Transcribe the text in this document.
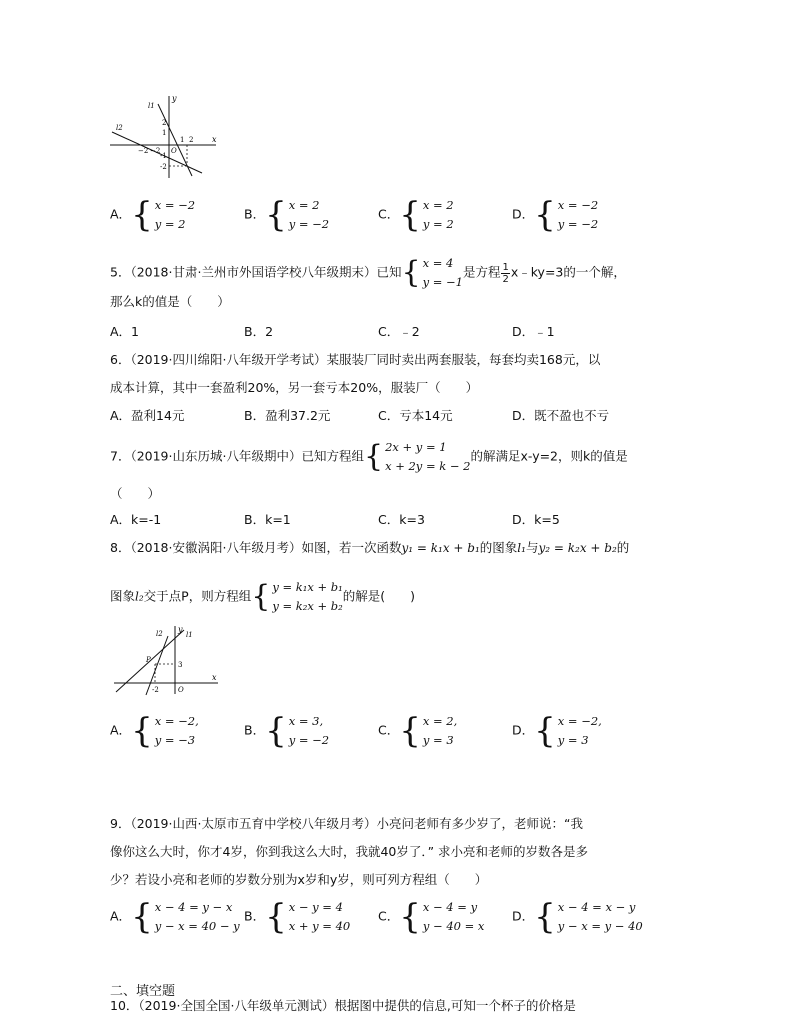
y
x
l1
l2
2
1
−2	O
1 2
-1
-2
−2
A． { x = −2
y = 2
B． { x = 2
y = −2
C． { x = 2
y = 2
D． { x = −2
y = −2
5．（2018·甘肃·兰州市外国语学校八年级期末）已知 { x = 4
y = −1
是方程 $\frac{1}{2}$ x﹣ky=3的一个解，
那么k的值是（　　）
A．1	B．2	C．﹣2	D．﹣1
6．（2019·四川绵阳·八年级开学考试）某服装厂同时卖出两套服装，每套均卖168元，以
成本计算，其中一套盈利20%，另一套亏本20%，服装厂（　　）
A．盈利14元	B．盈利37.2元	C．亏本14元	D．既不盈也不亏
7．（2019·山东历城·八年级期中）已知方程组 { 2x + y = 1
x + 2y = k − 2
的解满足x-y=2，则k的值是
（　　）
A．k=-1	B．k=1	C．k=3	D．k=5
8．（2018·安徽涡阳·八年级月考）如图，若一次函数y₁ = k₁x + b₁的图象l₁与y₂ = k₂x + b₂的
图象l₂交于点P，则方程组 { y = k₁x + b₁
y = k₂x + b₂
的解是(　　)
l2 y
l1
P
3
-2	O
x
A． { x = −2,
y = −3
B． { x = 3,
y = −2
C． { x = 2,
y = 3
D． { x = −2,
y = 3
9．（2019·山西·太原市五育中学校八年级月考）小亮问老师有多少岁了，老师说：“我
像你这么大时，你才4岁，你到我这么大时，我就40岁了．” 求小亮和老师的岁数各是多
少？若设小亮和老师的岁数分别为x岁和y岁，则可列方程组（　　）
A． { x − 4 = y − x
y − x = 40 − y
B． { x − y = 4
x + y = 40
C． { x − 4 = y
y − 40 = x
D． { x − 4 = x − y
y − x = y − 40
二、填空题
10．（2019·全国全国·八年级单元测试）根据图中提供的信息,可知一个杯子的价格是
